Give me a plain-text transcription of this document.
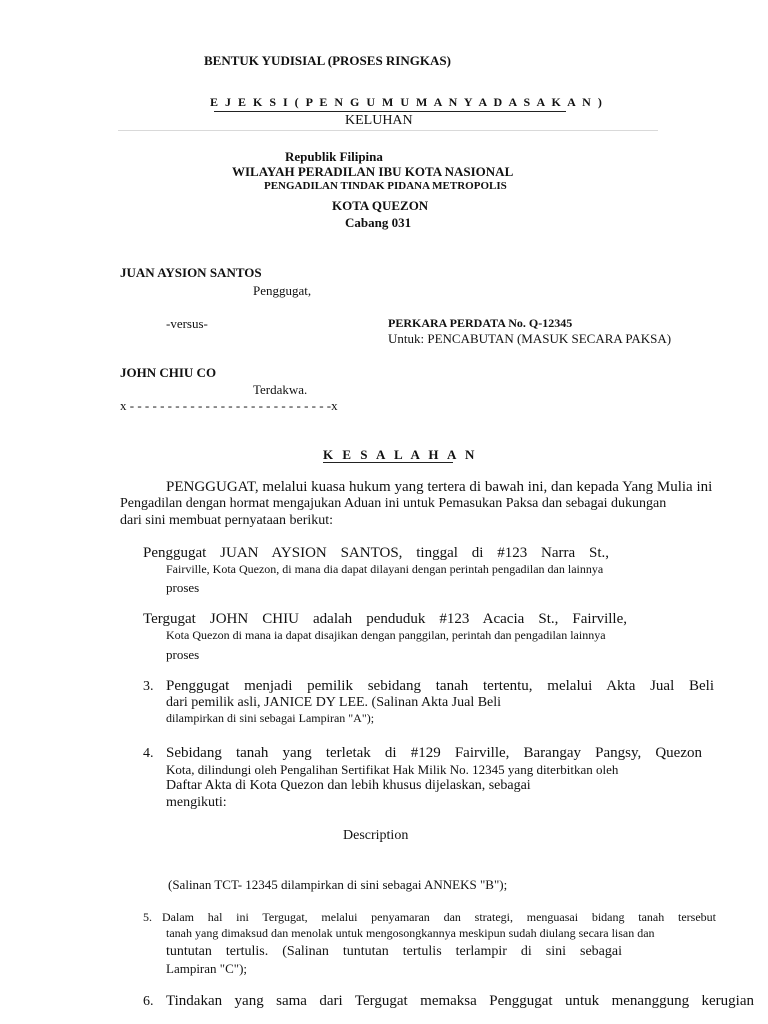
BENTUK YUDISIAL (PROSES RINGKAS)
E J E K S I ( P E N G U M U M A N Y A D A S A K A N )
KELUHAN
Republik Filipina
WILAYAH PERADILAN IBU KOTA NASIONAL
PENGADILAN TINDAK PIDANA METROPOLIS
KOTA QUEZON
Cabang 031
JUAN AYSION SANTOS
Penggugat,
-versus-	PERKARA PERDATA No. Q-12345
Untuk: PENCABUTAN (MASUK SECARA PAKSA)
JOHN CHIU CO
Terdakwa.
x - - - - - - - - - - - - - - - - - - - - - - - - - - -x
K E S A L A H A N
PENGGUGAT, melalui kuasa hukum yang tertera di bawah ini, dan kepada Yang Mulia ini
Pengadilan dengan hormat mengajukan Aduan ini untuk Pemasukan Paksa dan sebagai dukungan
dari sini membuat pernyataan berikut:
Penggugat JUAN AYSION SANTOS, tinggal di #123 Narra St.,
Fairville, Kota Quezon, di mana dia dapat dilayani dengan perintah pengadilan dan lainnya
proses
Tergugat JOHN CHIU adalah penduduk #123 Acacia St., Fairville,
Kota Quezon di mana ia dapat disajikan dengan panggilan, perintah dan pengadilan lainnya
proses
3. Penggugat menjadi pemilik sebidang tanah tertentu, melalui Akta Jual Beli
dari pemilik asli, JANICE DY LEE. (Salinan Akta Jual Beli
dilampirkan di sini sebagai Lampiran "A");
4. Sebidang tanah yang terletak di #129 Fairville, Barangay Pangsy, Quezon
Kota, dilindungi oleh Pengalihan Sertifikat Hak Milik No. 12345 yang diterbitkan oleh
Daftar Akta di Kota Quezon dan lebih khusus dijelaskan, sebagai
mengikuti:
Description
(Salinan TCT- 12345 dilampirkan di sini sebagai ANNEKS "B");
5. Dalam hal ini Tergugat, melalui penyamaran dan strategi, menguasai bidang tanah tersebut
tanah yang dimaksud dan menolak untuk mengosongkannya meskipun sudah diulang secara lisan dan
tuntutan tertulis. (Salinan tuntutan tertulis terlampir di sini sebagai
Lampiran "C");
6. Tindakan yang sama dari Tergugat memaksa Penggugat untuk menanggung kerugian
